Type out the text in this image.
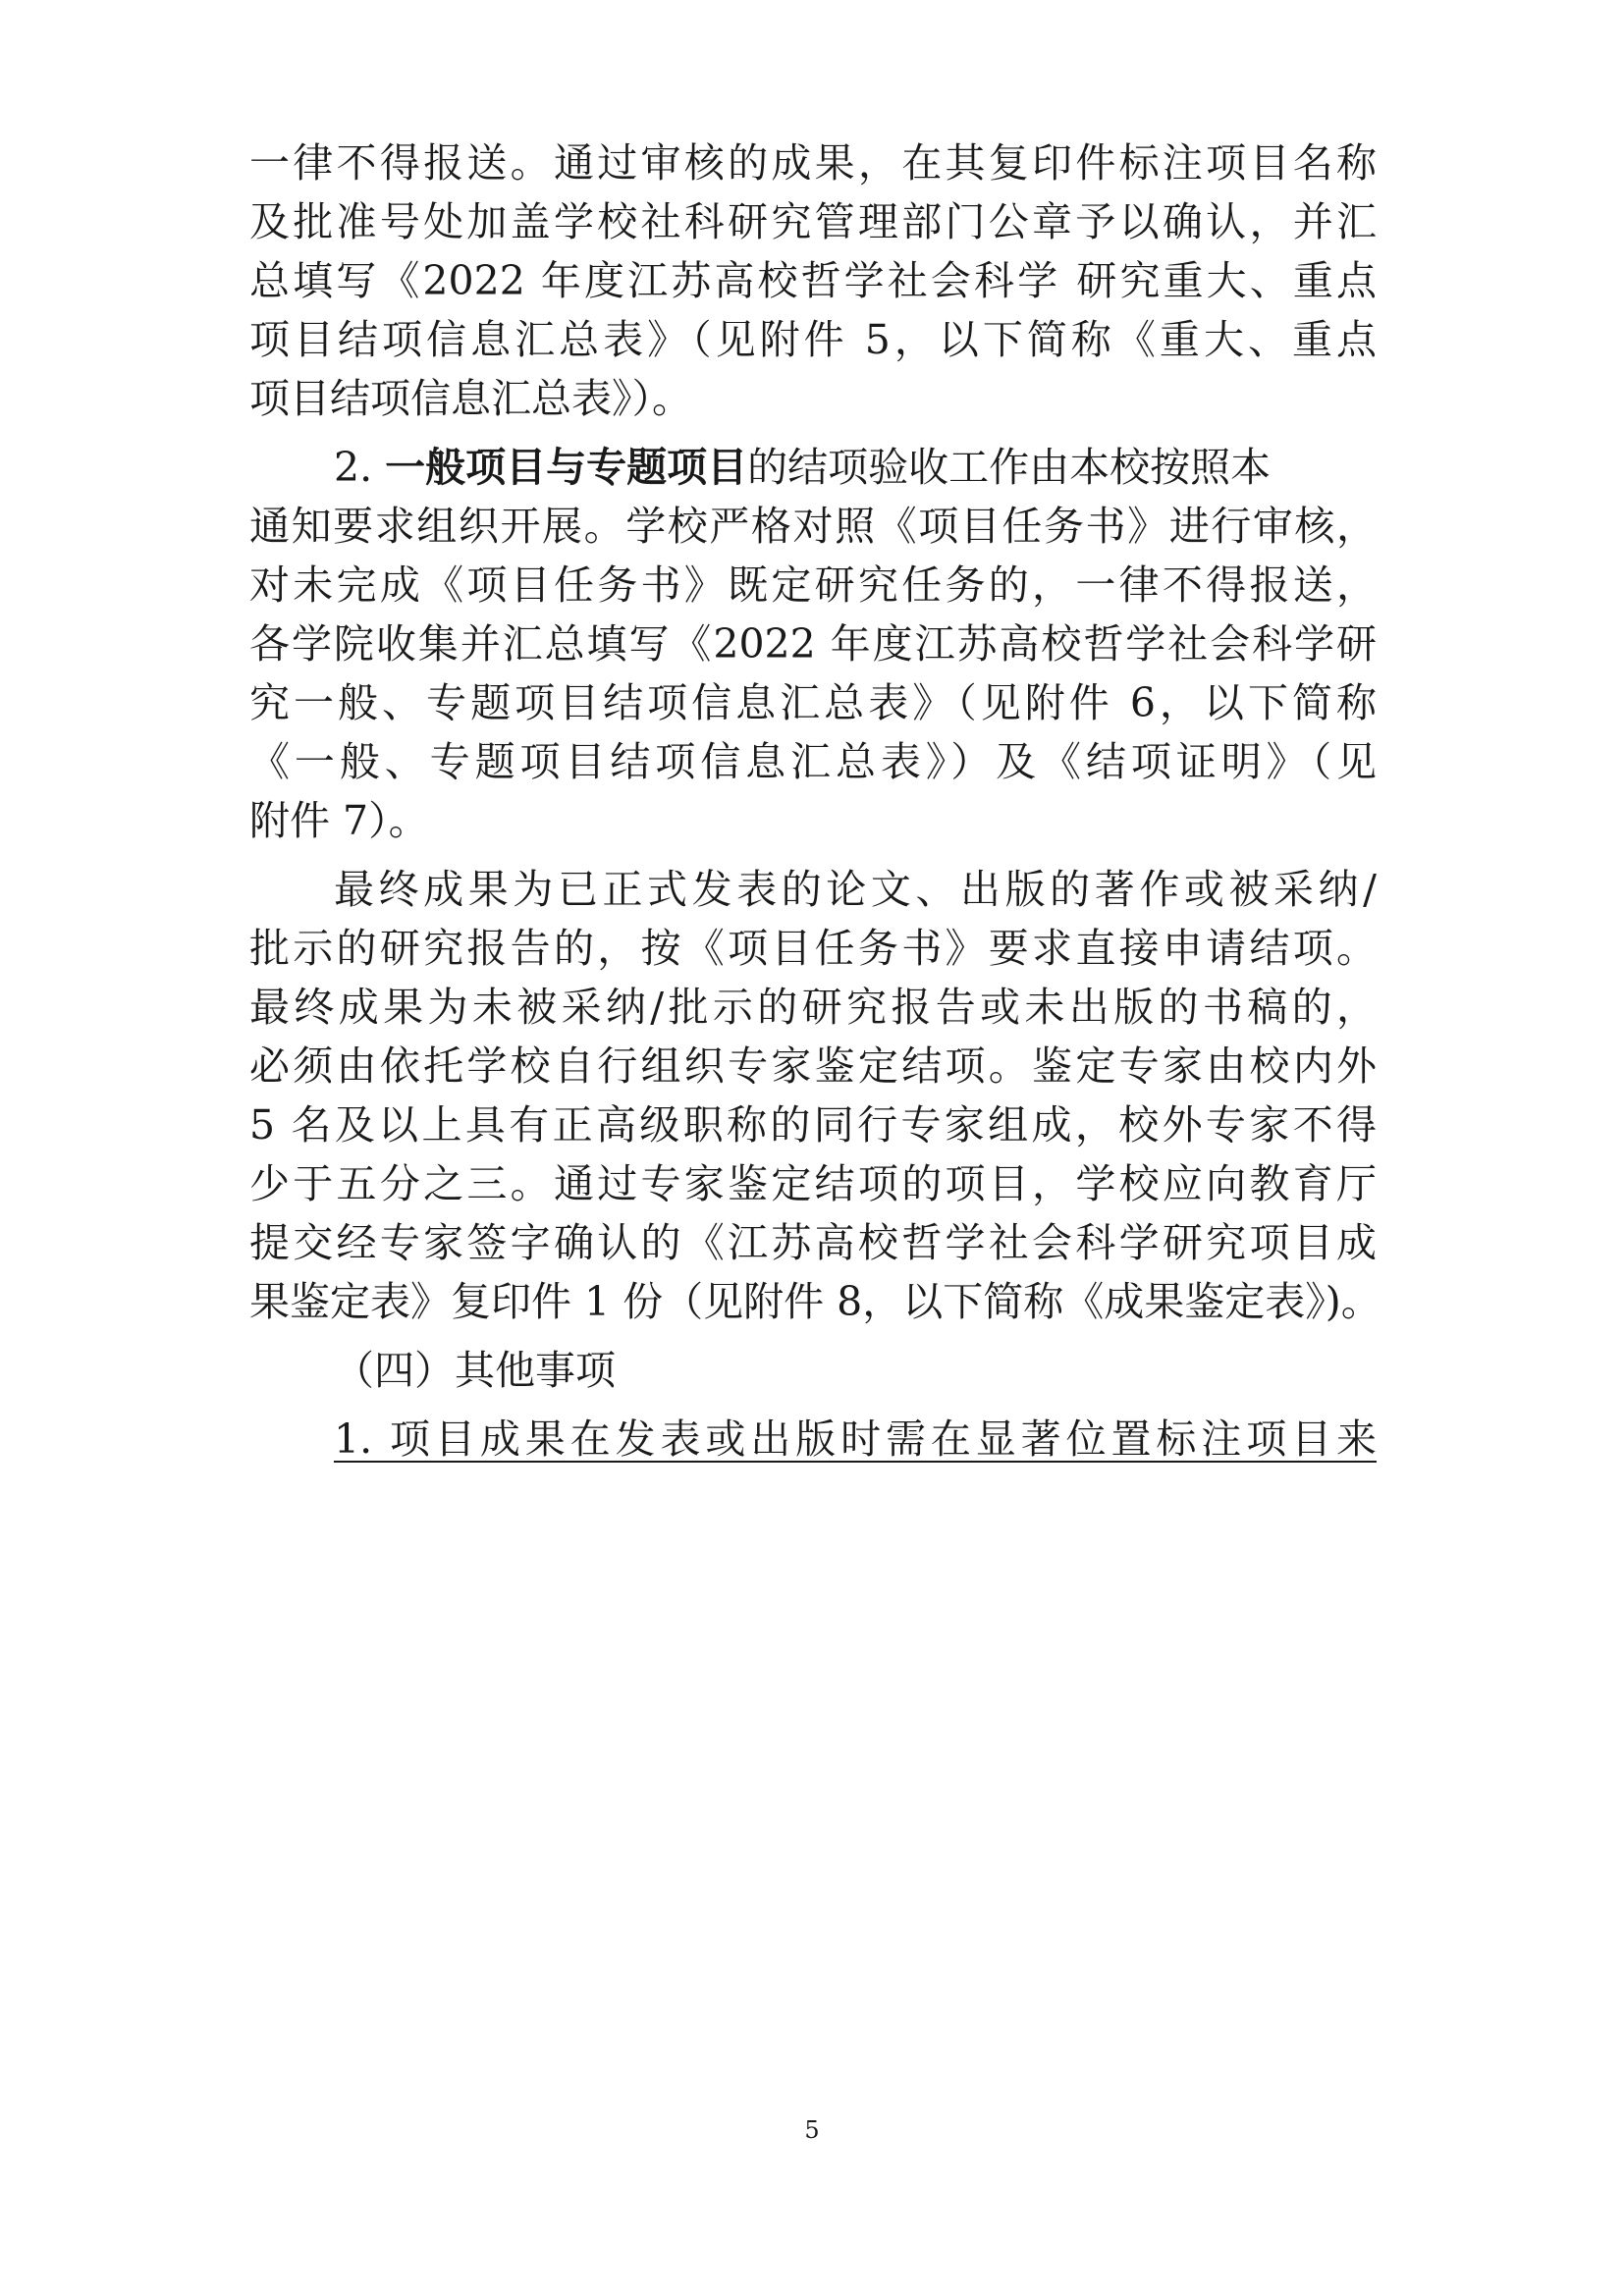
一律不得报送。通过审核的成果，在其复印件标注项目名称
及批准号处加盖学校社科研究管理部门公章予以确认，并汇
总填写《2022 年度江苏高校哲学社会科学 研究重大、重点
项目结项信息汇总表》（见附件 5，以下简称《重大、重点
项目结项信息汇总表》）。
2. 一般项目与专题项目的结项验收工作由本校按照本
通知要求组织开展。学校严格对照《项目任务书》进行审核，
对未完成《项目任务书》既定研究任务的，一律不得报送，
各学院收集并汇总填写《2022 年度江苏高校哲学社会科学研
究一般、专题项目结项信息汇总表》（见附件 6，以下简称
《一般、专题项目结项信息汇总表》）及《结项证明》（见
附件 7）。
最终成果为已正式发表的论文、出版的著作或被采纳/
批示的研究报告的，按《项目任务书》要求直接申请结项。
最终成果为未被采纳/批示的研究报告或未出版的书稿的，
必须由依托学校自行组织专家鉴定结项。鉴定专家由校内外
5 名及以上具有正高级职称的同行专家组成，校外专家不得
少于五分之三。通过专家鉴定结项的项目，学校应向教育厅
提交经专家签字确认的《江苏高校哲学社会科学研究项目成
果鉴定表》复印件 1 份（见附件 8，以下简称《成果鉴定表》)。
（四）其他事项
1. 项目成果在发表或出版时需在显著位置标注项目来
5
